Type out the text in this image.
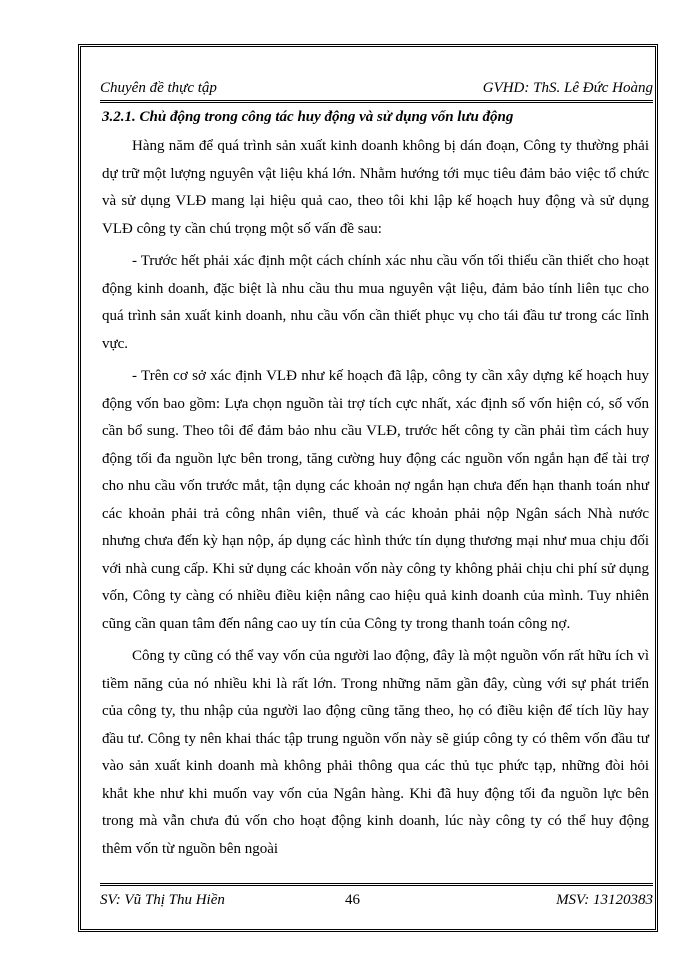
Chuyên đề thực tập	GVHD: ThS. Lê Đức Hoàng
3.2.1. Chủ động trong công tác huy động và sử dụng vốn lưu động

Hàng năm để quá trình sản xuất kinh doanh không bị dán đoạn, Công ty thường phải dự trữ một lượng nguyên vật liệu khá lớn. Nhằm hướng tới mục tiêu đảm bảo việc tổ chức và sử dụng VLĐ mang lại hiệu quả cao, theo tôi khi lập kế hoạch huy động và sử dụng VLĐ công ty cần chú trọng một số vấn đề sau:

- Trước hết phải xác định một cách chính xác nhu cầu vốn tối thiểu cần thiết cho hoạt động kinh doanh, đặc biệt là nhu cầu thu mua nguyên vật liệu, đảm bảo tính liên tục cho quá trình sản xuất kinh doanh, nhu cầu vốn cần thiết phục vụ cho tái đầu tư trong các lĩnh vực.

- Trên cơ sở xác định VLĐ như kế hoạch đã lập, công ty cần xây dựng kế hoạch huy động vốn bao gồm: Lựa chọn nguồn tài trợ tích cực nhất, xác định số vốn hiện có, số vốn cần bổ sung. Theo tôi để đảm bảo nhu cầu VLĐ, trước hết công ty cần phải tìm cách huy động tối đa nguồn lực bên trong, tăng cường huy động các nguồn vốn ngắn hạn để tài trợ cho nhu cầu vốn trước mắt, tận dụng các khoản nợ ngắn hạn chưa đến hạn thanh toán như các khoản phải trả công nhân viên, thuế và các khoản phải nộp Ngân sách Nhà nước nhưng chưa đến kỳ hạn nộp, áp dụng các hình thức tín dụng thương mại như mua chịu đối với nhà cung cấp. Khi sử dụng các khoản vốn này công ty không phải chịu chi phí sử dụng vốn, Công ty càng có nhiều điều kiện nâng cao hiệu quả kinh doanh của mình. Tuy nhiên cũng cần quan tâm đến nâng cao uy tín của Công ty trong thanh toán công nợ.

Công ty cũng có thể vay vốn của người lao động, đây là một nguồn vốn rất hữu ích vì tiềm năng của nó nhiều khi là rất lớn. Trong những năm gần đây, cùng với sự phát triển của công ty, thu nhập của người lao động cũng tăng theo, họ có điều kiện để tích lũy hay đầu tư. Công ty nên khai thác tập trung nguồn vốn này sẽ giúp công ty có thêm vốn đầu tư vào sản xuất kinh doanh mà không phải thông qua các thủ tục phức tạp, những đòi hỏi khắt khe như khi muốn vay vốn của Ngân hàng. Khi đã huy động tối đa nguồn lực bên trong mà vẫn chưa đủ vốn cho hoạt động kinh doanh, lúc này công ty có thể huy động thêm vốn từ nguồn bên ngoài

SV: Vũ Thị Thu Hiền	46	MSV: 13120383
